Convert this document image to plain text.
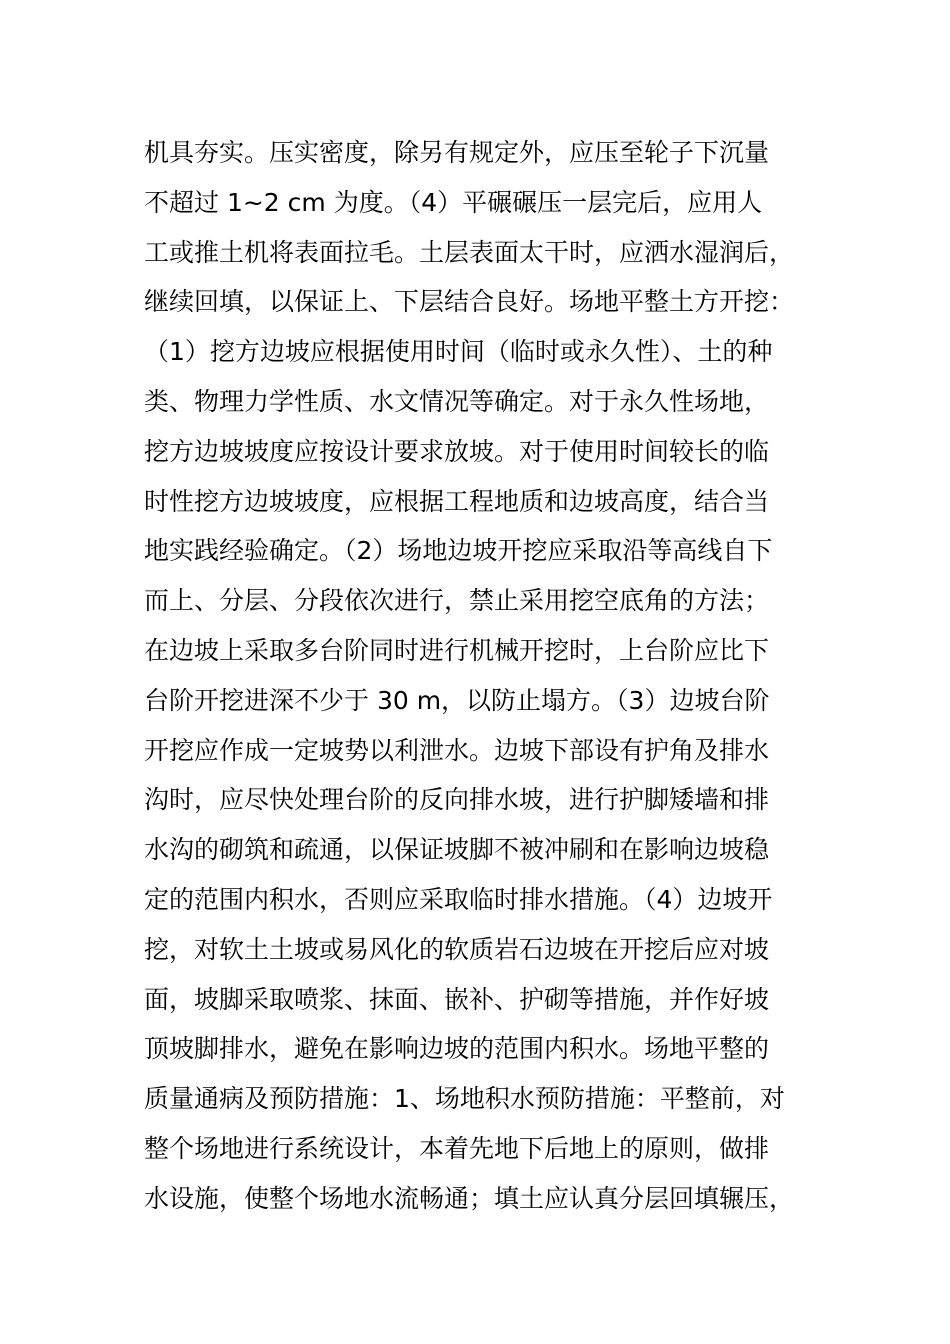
机具夯实。压实密度，除另有规定外，应压至轮子下沉量
不超过 1~2 cm 为度。（4）平碾碾压一层完后，应用人
工或推土机将表面拉毛。土层表面太干时，应洒水湿润后，
继续回填，以保证上、下层结合良好。场地平整土方开挖：
（1）挖方边坡应根据使用时间（临时或永久性）、土的种
类、物理力学性质、水文情况等确定。对于永久性场地，
挖方边坡坡度应按设计要求放坡。对于使用时间较长的临
时性挖方边坡坡度，应根据工程地质和边坡高度，结合当
地实践经验确定。（2）场地边坡开挖应采取沿等高线自下
而上、分层、分段依次进行，禁止采用挖空底角的方法；
在边坡上采取多台阶同时进行机械开挖时，上台阶应比下
台阶开挖进深不少于 30 m，以防止塌方。（3）边坡台阶
开挖应作成一定坡势以利泄水。边坡下部设有护角及排水
沟时，应尽快处理台阶的反向排水坡，进行护脚矮墙和排
水沟的砌筑和疏通，以保证坡脚不被冲刷和在影响边坡稳
定的范围内积水，否则应采取临时排水措施。（4）边坡开
挖，对软土土坡或易风化的软质岩石边坡在开挖后应对坡
面，坡脚采取喷浆、抹面、嵌补、护砌等措施，并作好坡
顶坡脚排水，避免在影响边坡的范围内积水。场地平整的
质量通病及预防措施：1、场地积水预防措施：平整前，对
整个场地进行系统设计，本着先地下后地上的原则，做排
水设施，使整个场地水流畅通；填土应认真分层回填辗压，
